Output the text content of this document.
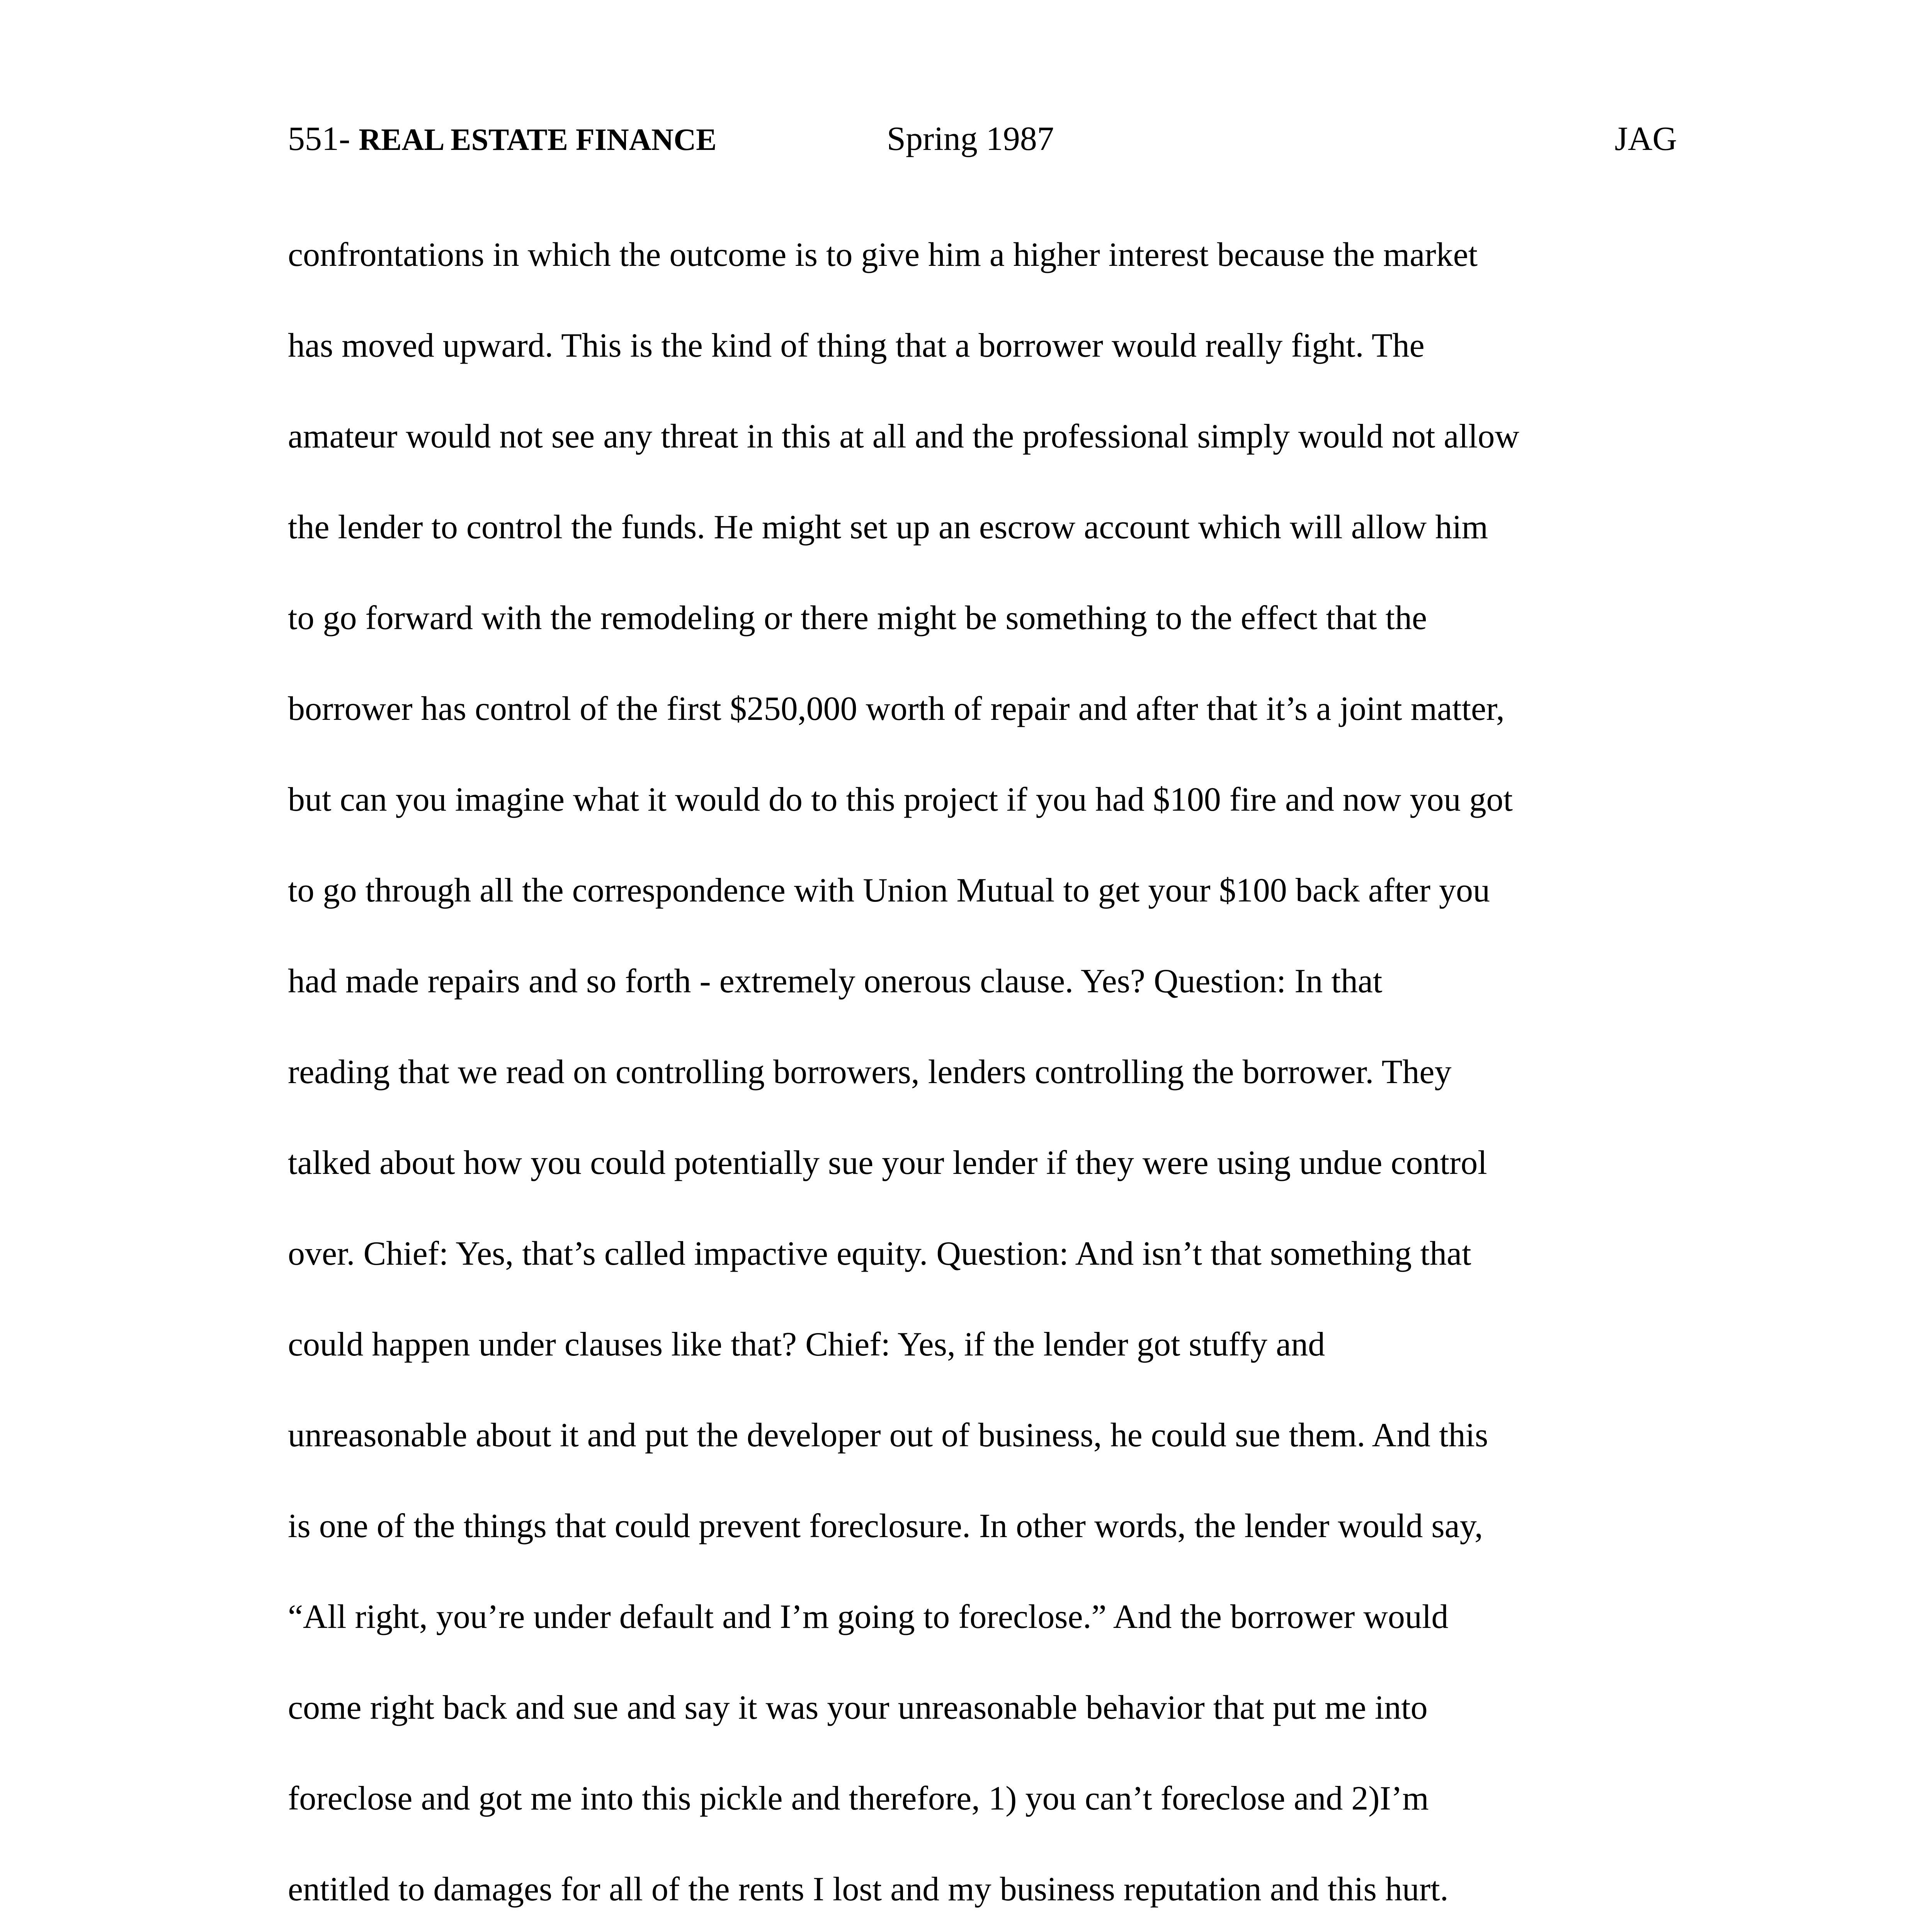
551- REAL ESTATE FINANCE	Spring 1987	JAG
confrontations in which the outcome is to give him a higher interest because the market
has moved upward. This is the kind of thing that a borrower would really fight. The
amateur would not see any threat in this at all and the professional simply would not allow
the lender to control the funds. He might set up an escrow account which will allow him
to go forward with the remodeling or there might be something to the effect that the
borrower has control of the first $250,000 worth of repair and after that it’s a joint matter,
but can you imagine what it would do to this project if you had $100 fire and now you got
to go through all the correspondence with Union Mutual to get your $100 back after you
had made repairs and so forth - extremely onerous clause. Yes? Question: In that
reading that we read on controlling borrowers, lenders controlling the borrower. They
talked about how you could potentially sue your lender if they were using undue control
over. Chief: Yes, that’s called impactive equity. Question: And isn’t that something that
could happen under clauses like that? Chief: Yes, if the lender got stuffy and
unreasonable about it and put the developer out of business, he could sue them. And this
is one of the things that could prevent foreclosure. In other words, the lender would say,
“All right, you’re under default and I’m going to foreclose.” And the borrower would
come right back and sue and say it was your unreasonable behavior that put me into
foreclose and got me into this pickle and therefore, 1) you can’t foreclose and 2)I’m
entitled to damages for all of the rents I lost and my business reputation and this hurt.
